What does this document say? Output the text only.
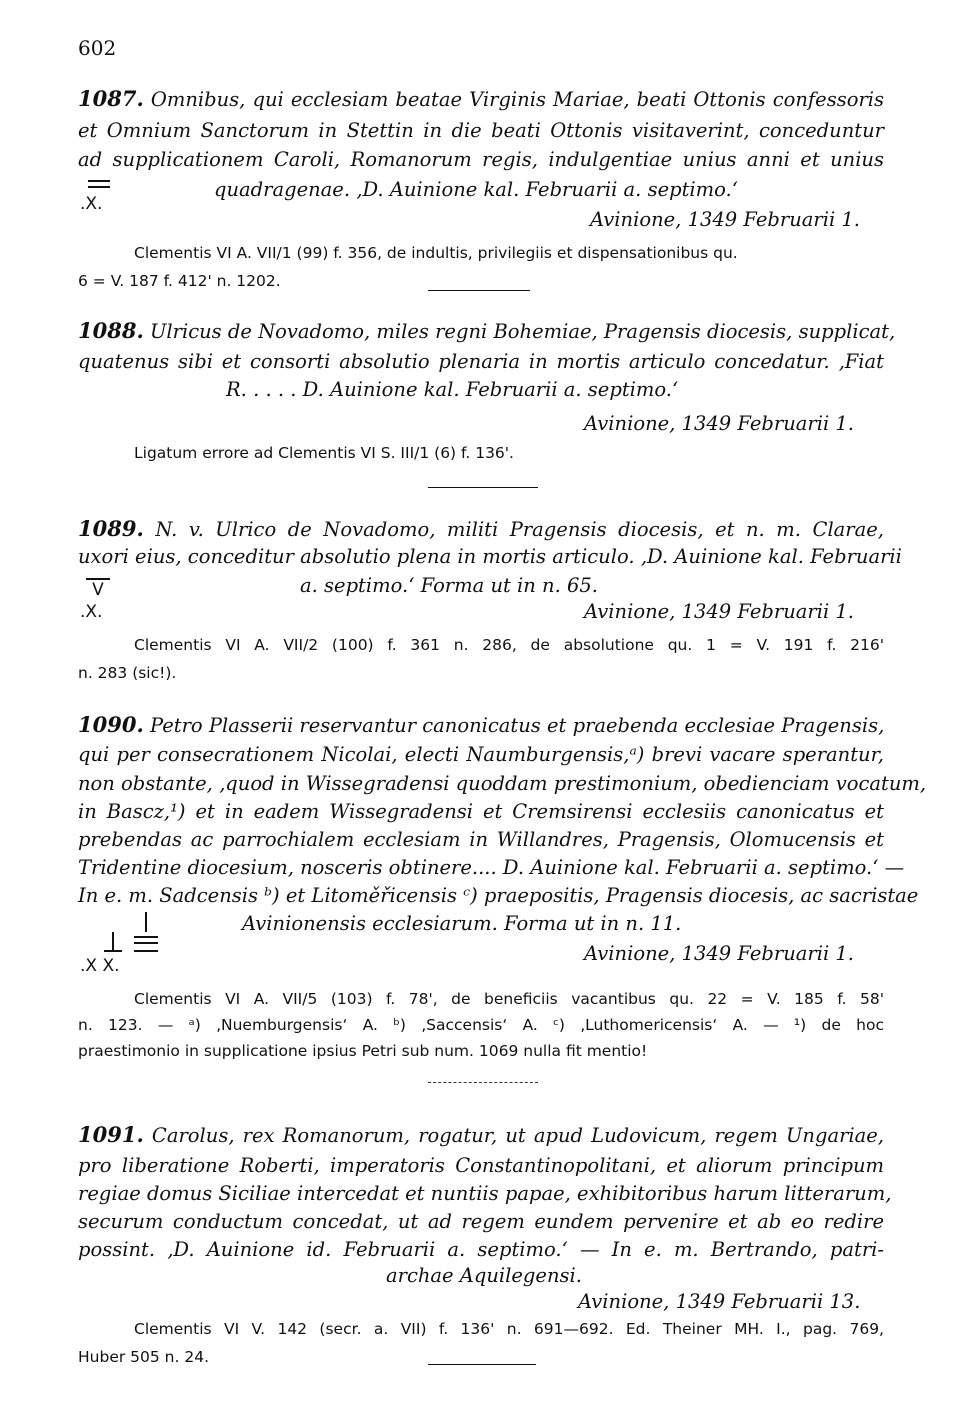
602
1087. Omnibus, qui ecclesiam beatae Virginis Mariae, beati Ottonis confessoris
et Omnium Sanctorum in Stettin in die beati Ottonis visitaverint, conceduntur
ad supplicationem Caroli, Romanorum regis, indulgentiae unius anni et unius
quadragenae. ‚D. Auinione kal. Februarii a. septimo.‘
.X.
Avinione, 1349 Februarii 1.
Clementis VI A. VII/1 (99) f. 356, de indultis, privilegiis et dispensationibus qu.
6 = V. 187 f. 412' n. 1202.
1088. Ulricus de Novadomo, miles regni Bohemiae, Pragensis diocesis, supplicat,
quatenus sibi et consorti absolutio plenaria in mortis articulo concedatur. ‚Fiat
R. . . . . D. Auinione kal. Februarii a. septimo.‘
Avinione, 1349 Februarii 1.
Ligatum errore ad Clementis VI S. III/1 (6) f. 136'.
1089. N. v. Ulrico de Novadomo, militi Pragensis diocesis, et n. m. Clarae,
uxori eius, conceditur absolutio plena in mortis articulo. ‚D. Auinione kal. Februarii
a. septimo.‘ Forma ut in n. 65.
V
.X.	Avinione, 1349 Februarii 1.
Clementis VI A. VII/2 (100) f. 361 n. 286, de absolutione qu. 1 = V. 191 f. 216'
n. 283 (sic!).
1090. Petro Plasserii reservantur canonicatus et praebenda ecclesiae Pragensis,
qui per consecrationem Nicolai, electi Naumburgensis,ᵃ) brevi vacare sperantur,
non obstante, ‚quod in Wissegradensi quoddam prestimonium, obedienciam vocatum,
in Bascz,¹) et in eadem Wissegradensi et Cremsirensi ecclesiis canonicatus et
prebendas ac parrochialem ecclesiam in Willandres, Pragensis, Olomucensis et
Tridentine diocesium, nosceris obtinere.... D. Auinione kal. Februarii a. septimo.‘ —
In e. m. Sadcensis ᵇ) et Litoměřicensis ᶜ) praepositis, Pragensis diocesis, ac sacristae
Avinionensis ecclesiarum. Forma ut in n. 11.
.X X.
Avinione, 1349 Februarii 1.
Clementis VI A. VII/5 (103) f. 78', de beneficiis vacantibus qu. 22 = V. 185 f. 58'
n. 123. — ᵃ) ‚Nuemburgensis‘ A. ᵇ) ‚Saccensis‘ A. ᶜ) ‚Luthomericensis‘ A. — ¹) de hoc
praestimonio in supplicatione ipsius Petri sub num. 1069 nulla fit mentio!
1091. Carolus, rex Romanorum, rogatur, ut apud Ludovicum, regem Ungariae,
pro liberatione Roberti, imperatoris Constantinopolitani, et aliorum principum
regiae domus Siciliae intercedat et nuntiis papae, exhibitoribus harum litterarum,
securum conductum concedat, ut ad regem eundem pervenire et ab eo redire
possint. ‚D. Auinione id. Februarii a. septimo.‘ — In e. m. Bertrando, patri-
archae Aquilegensi.
Avinione, 1349 Februarii 13.
Clementis VI V. 142 (secr. a. VII) f. 136' n. 691—692. Ed. Theiner MH. I., pag. 769,
Huber 505 n. 24.
